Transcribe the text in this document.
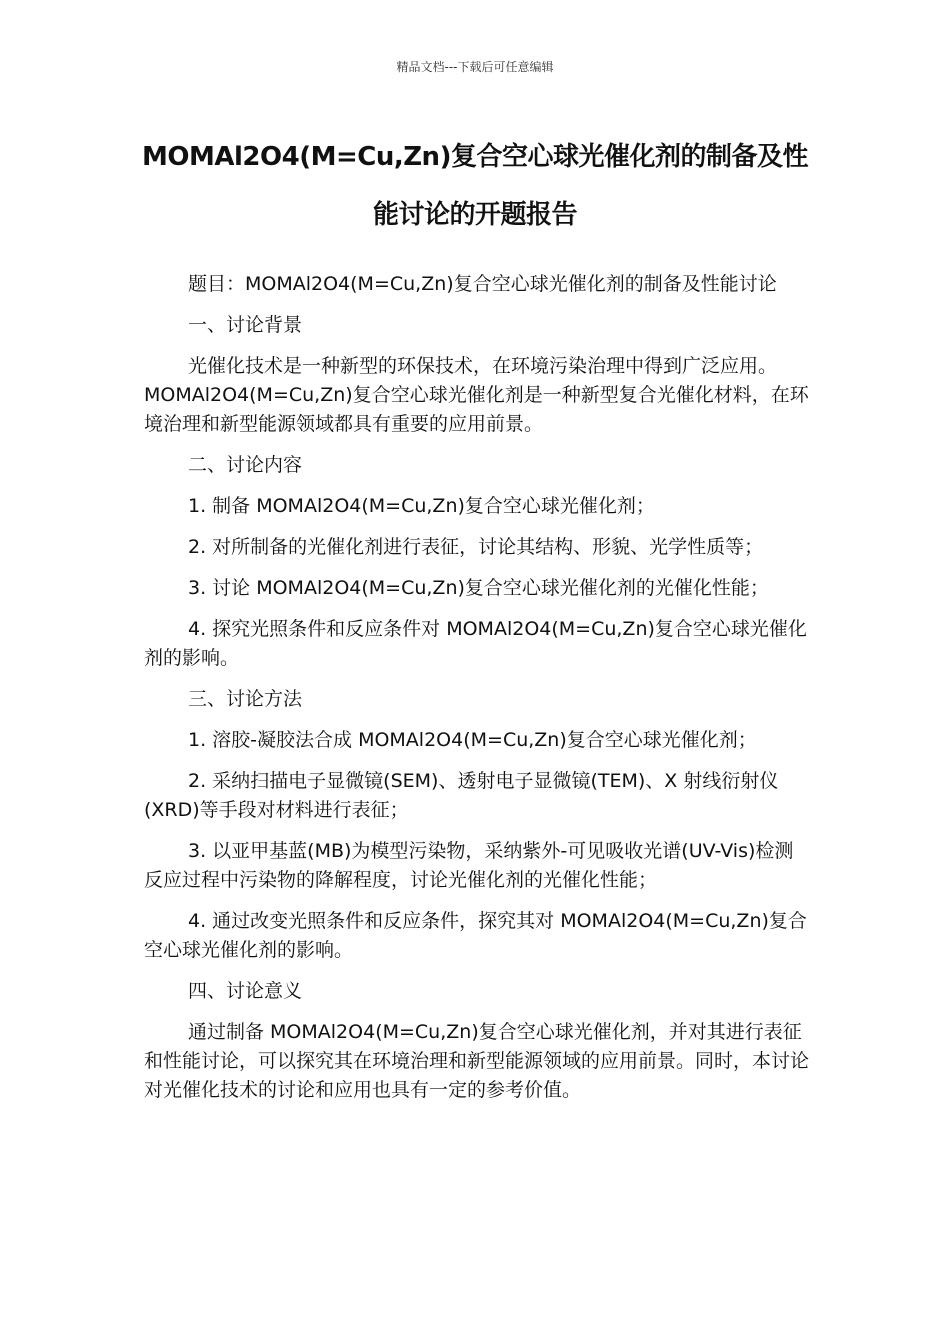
精品文档---下载后可任意编辑
MOMAl2O4(M=Cu,Zn)复合空心球光催化剂的制备及性能讨论的开题报告

题目：MOMAl2O4(M=Cu,Zn)复合空心球光催化剂的制备及性能讨论

一、讨论背景

光催化技术是一种新型的环保技术，在环境污染治理中得到广泛应用。MOMAl2O4(M=Cu,Zn)复合空心球光催化剂是一种新型复合光催化材料，在环境治理和新型能源领域都具有重要的应用前景。

二、讨论内容

1. 制备 MOMAl2O4(M=Cu,Zn)复合空心球光催化剂；

2. 对所制备的光催化剂进行表征，讨论其结构、形貌、光学性质等；

3. 讨论 MOMAl2O4(M=Cu,Zn)复合空心球光催化剂的光催化性能；

4. 探究光照条件和反应条件对 MOMAl2O4(M=Cu,Zn)复合空心球光催化剂的影响。

三、讨论方法

1. 溶胶-凝胶法合成 MOMAl2O4(M=Cu,Zn)复合空心球光催化剂；

2. 采纳扫描电子显微镜(SEM)、透射电子显微镜(TEM)、X 射线衍射仪(XRD)等手段对材料进行表征；

3. 以亚甲基蓝(MB)为模型污染物，采纳紫外-可见吸收光谱(UV-Vis)检测反应过程中污染物的降解程度，讨论光催化剂的光催化性能；

4. 通过改变光照条件和反应条件，探究其对 MOMAl2O4(M=Cu,Zn)复合空心球光催化剂的影响。

四、讨论意义

通过制备 MOMAl2O4(M=Cu,Zn)复合空心球光催化剂，并对其进行表征和性能讨论，可以探究其在环境治理和新型能源领域的应用前景。同时，本讨论对光催化技术的讨论和应用也具有一定的参考价值。
